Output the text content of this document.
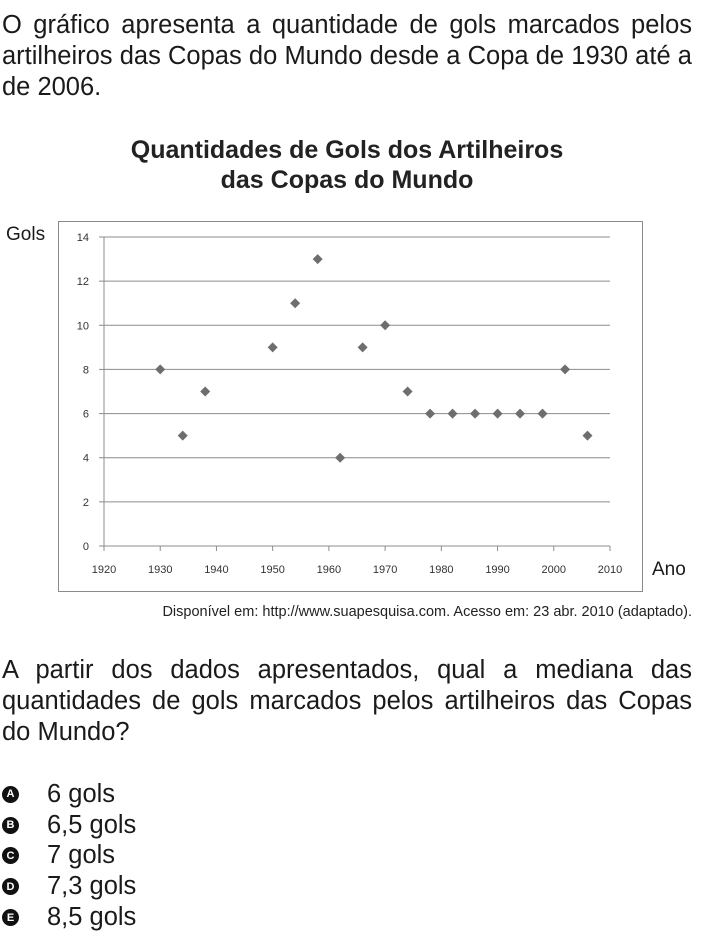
O gráfico apresenta a quantidade de gols marcados pelos artilheiros das Copas do Mundo desde a Copa de 1930 até a de 2006.

Quantidades de Gols dos Artilheiros
das Copas do Mundo
0
2
4
6
8
10
12
14
1920	1930	1940	1950	1960	1970	1980	1990	2000	2010
Gols
Ano
Disponível em: http://www.suapesquisa.com. Acesso em: 23 abr. 2010 (adaptado).

A partir dos dados apresentados, qual a mediana das quantidades de gols marcados pelos artilheiros das Copas do Mundo?

A 6 gols
B 6,5 gols
C 7 gols
D 7,3 gols
E 8,5 gols
